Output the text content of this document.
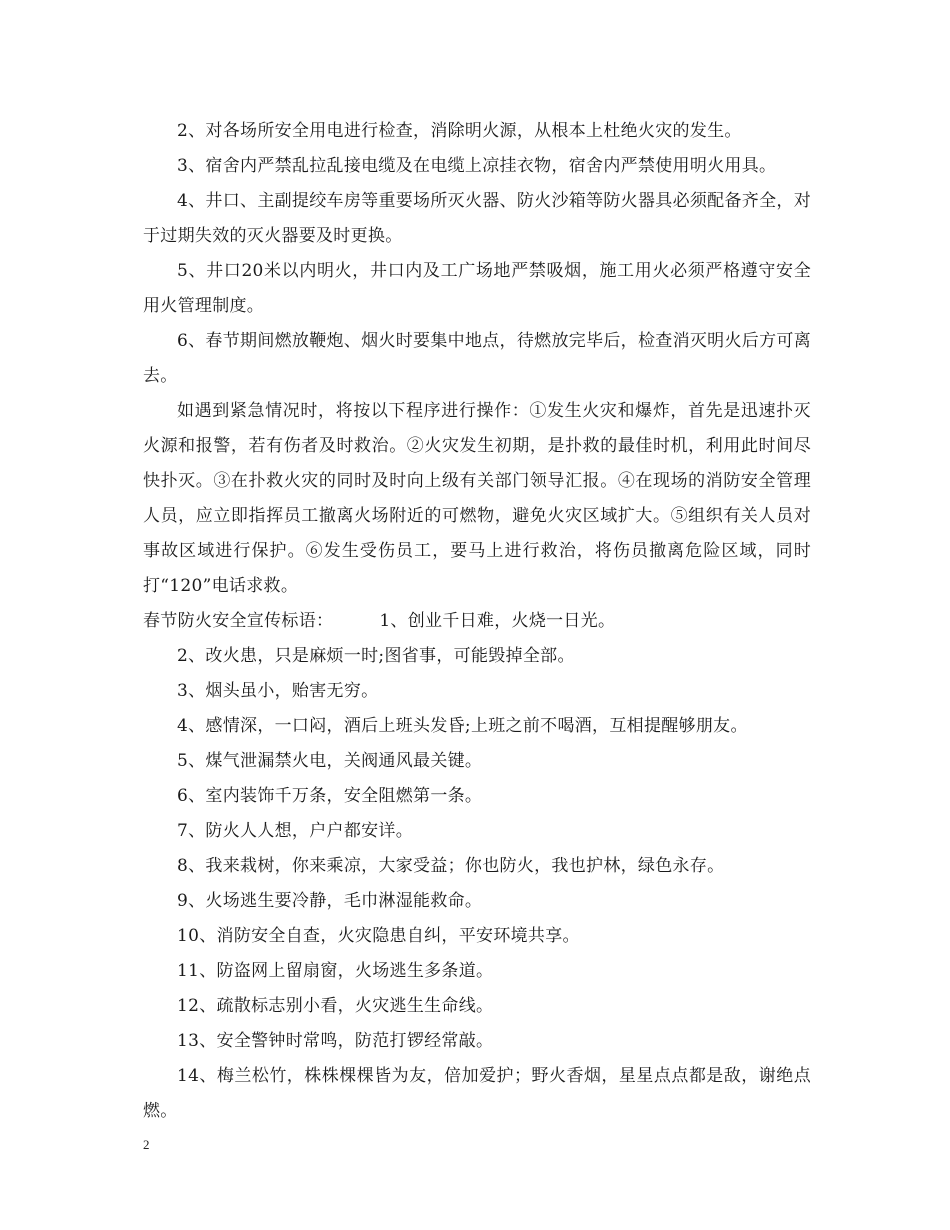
2、对各场所安全用电进行检查，消除明火源，从根本上杜绝火灾的发生。

3、宿舍内严禁乱拉乱接电缆及在电缆上凉挂衣物，宿舍内严禁使用明火用具。

4、井口、主副提绞车房等重要场所灭火器、防火沙箱等防火器具必须配备齐全，对于过期失效的灭火器要及时更换。

5、井口20米以内明火，井口内及工广场地严禁吸烟，施工用火必须严格遵守安全用火管理制度。

6、春节期间燃放鞭炮、烟火时要集中地点，待燃放完毕后，检查消灭明火后方可离去。

如遇到紧急情况时，将按以下程序进行操作：①发生火灾和爆炸，首先是迅速扑灭火源和报警，若有伤者及时救治。②火灾发生初期，是扑救的最佳时机，利用此时间尽快扑灭。③在扑救火灾的同时及时向上级有关部门领导汇报。④在现场的消防安全管理人员，应立即指挥员工撤离火场附近的可燃物，避免火灾区域扩大。⑤组织有关人员对事故区域进行保护。⑥发生受伤员工，要马上进行救治，将伤员撤离危险区域，同时打“120”电话求救。

春节防火安全宣传标语：	1、创业千日难，火烧一日光。

2、改火患，只是麻烦一时;图省事，可能毁掉全部。

3、烟头虽小，贻害无穷。

4、感情深，一口闷，酒后上班头发昏;上班之前不喝酒，互相提醒够朋友。

5、煤气泄漏禁火电，关阀通风最关键。

6、室内装饰千万条，安全阻燃第一条。

7、防火人人想，户户都安详。

8、我来栽树，你来乘凉，大家受益；你也防火，我也护林，绿色永存。

9、火场逃生要冷静，毛巾淋湿能救命。

10、消防安全自查，火灾隐患自纠，平安环境共享。

11、防盗网上留扇窗，火场逃生多条道。

12、疏散标志别小看，火灾逃生生命线。

13、安全警钟时常鸣，防范打锣经常敲。

14、梅兰松竹，株株棵棵皆为友，倍加爱护；野火香烟，星星点点都是敌，谢绝点燃。

2
